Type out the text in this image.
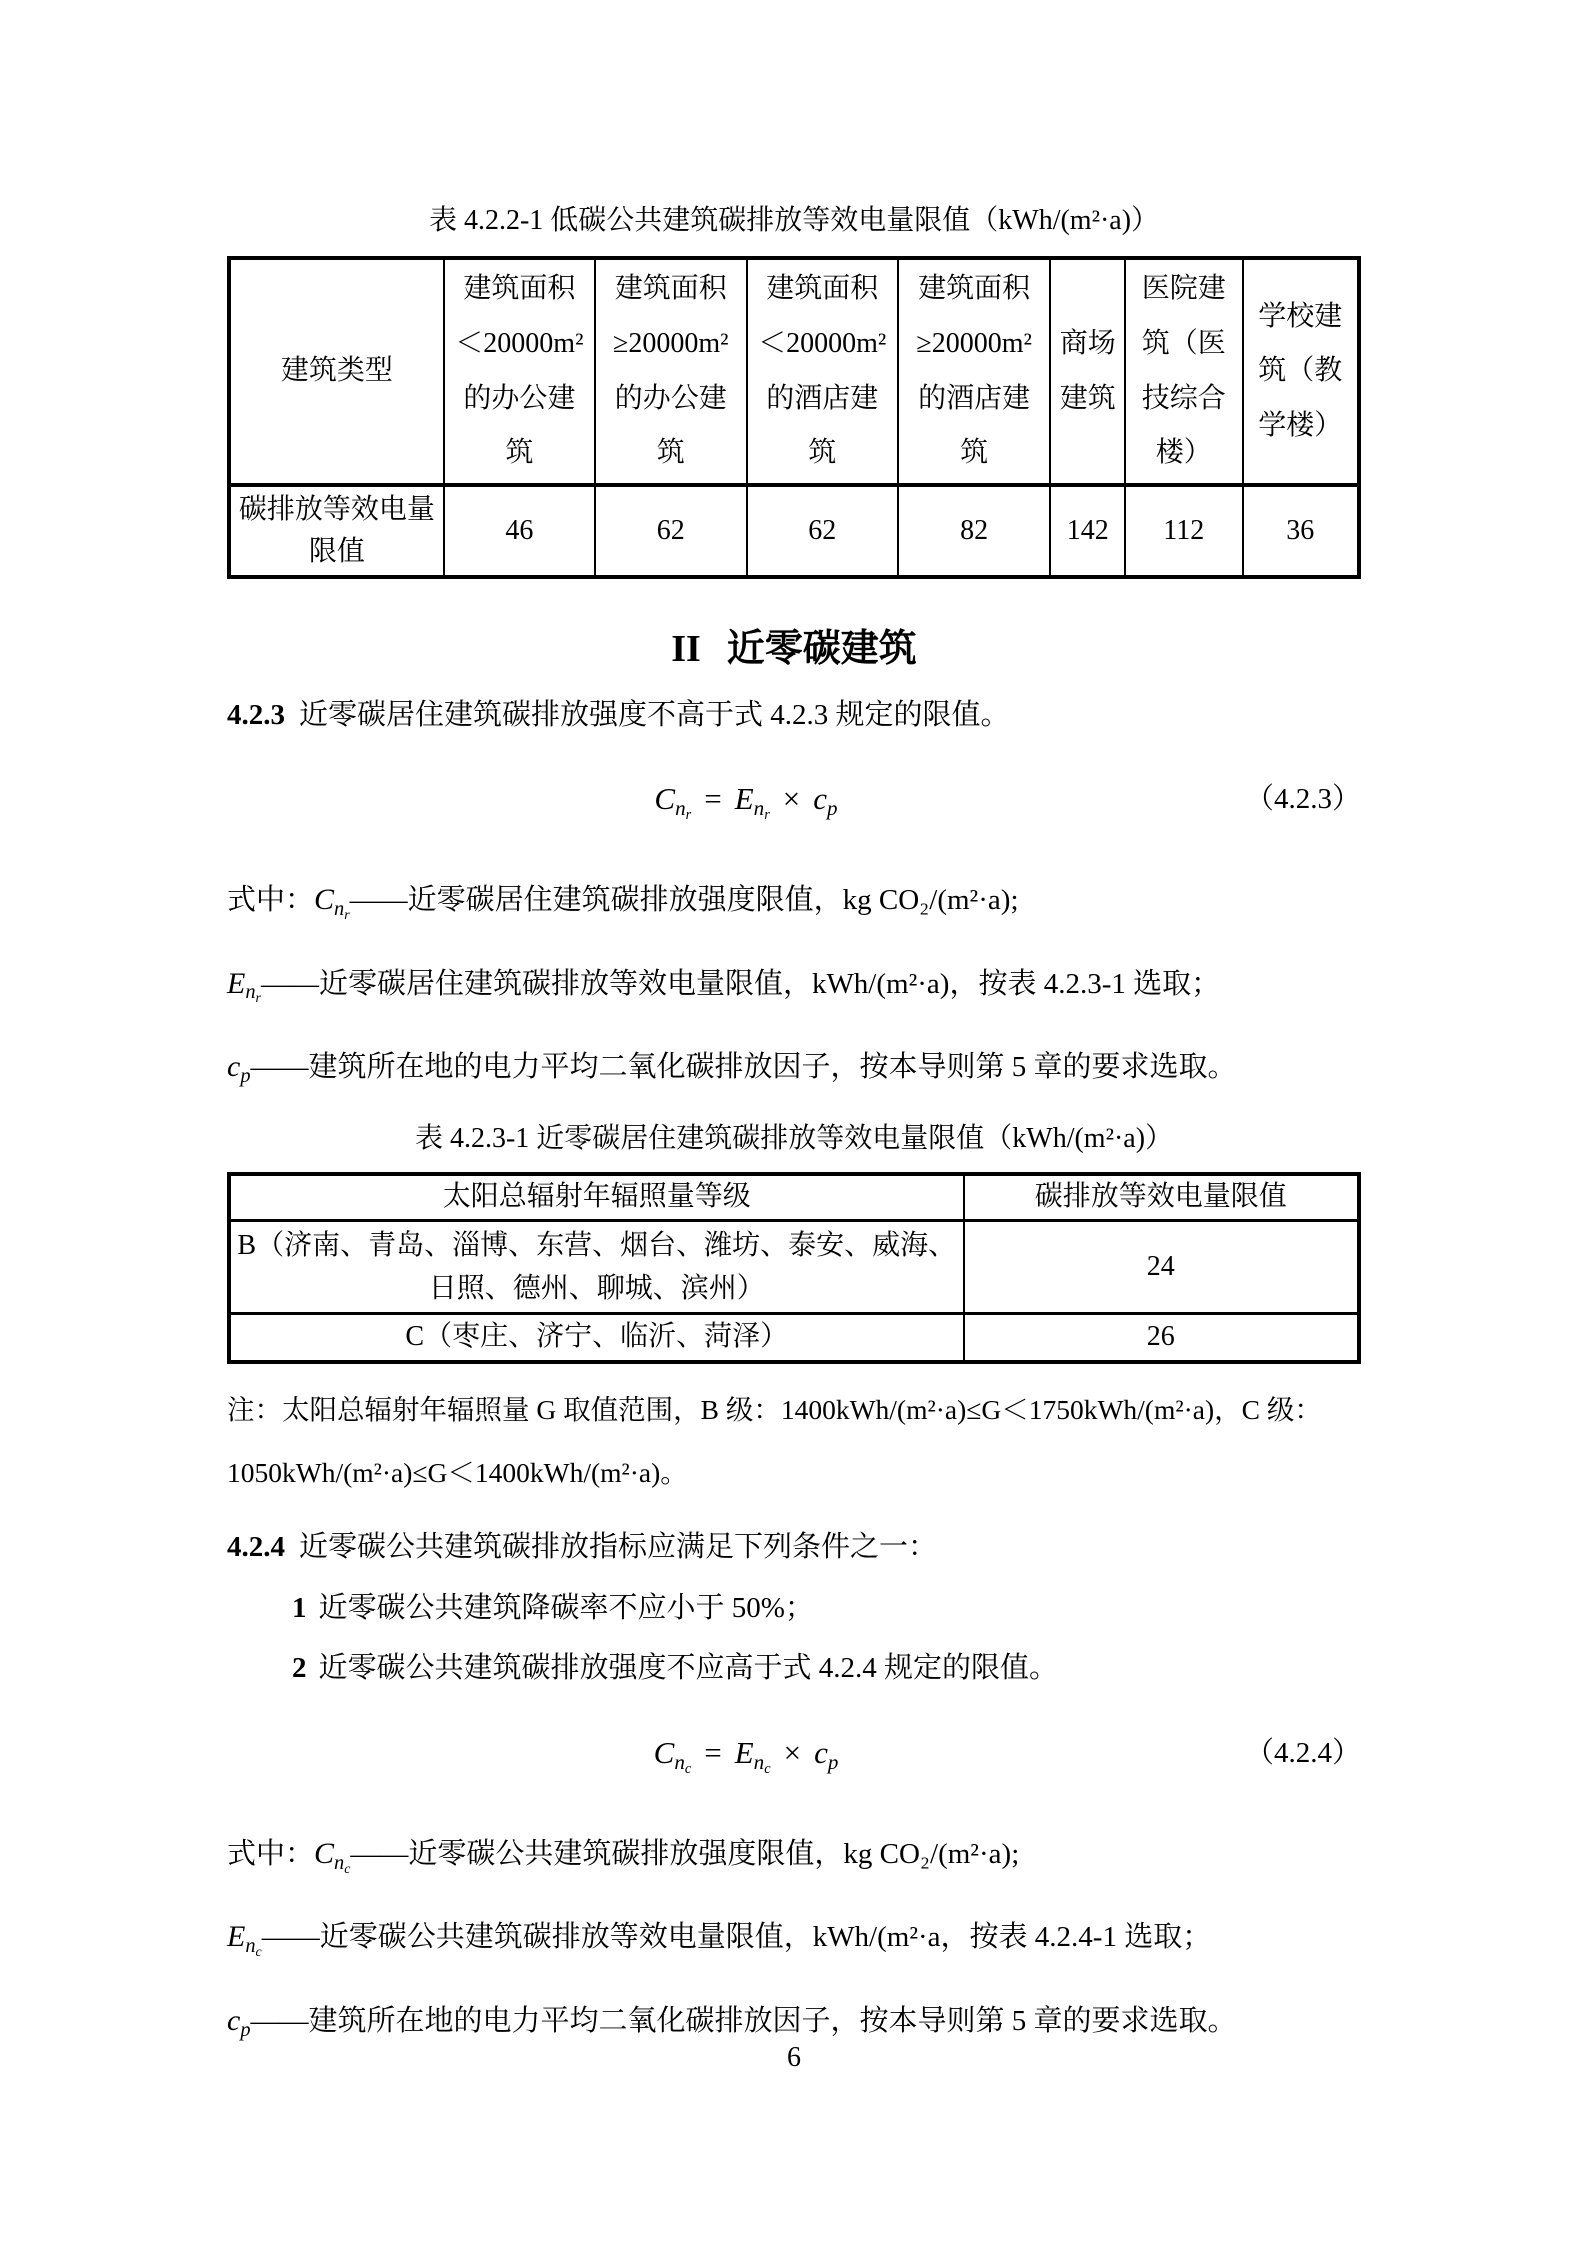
表 4.2.2-1 低碳公共建筑碳排放等效电量限值（kWh/(m²·a)）
建筑类型	建筑面积＜20000m² 的办公建筑	建筑面积≥20000m² 的办公建筑	建筑面积＜20000m² 的酒店建筑	建筑面积≥20000m² 的酒店建筑	商场建筑	医院建筑（医技综合楼）	学校建筑（教学楼）
碳排放等效电量限值	46	62	62	82	142	112	36
II 近零碳建筑

4.2.3 近零碳居住建筑碳排放强度不高于式 4.2.3 规定的限值。

$C_{n_r} = E_{n_r} \times c_p$	（4.2.3）

式中：$C_{n_r}——$近零碳居住建筑碳排放强度限值，kg CO₂/(m²·a);

$E_{n_r}——$近零碳居住建筑碳排放等效电量限值，kWh/(m²·a)，按表 4.2.3-1 选取；

$c_p——$建筑所在地的电力平均二氧化碳排放因子，按本导则第 5 章的要求选取。

表 4.2.3-1 近零碳居住建筑碳排放等效电量限值（kWh/(m²·a)）
太阳总辐射年辐照量等级	碳排放等效电量限值
B（济南、青岛、淄博、东营、烟台、潍坊、泰安、威海、日照、德州、聊城、滨州）	24
C（枣庄、济宁、临沂、菏泽）	26

注：太阳总辐射年辐照量 G 取值范围，B 级：1400kWh/(m²·a)≤G＜1750kWh/(m²·a)，C 级：1050kWh/(m²·a)≤G＜1400kWh/(m²·a)。

4.2.4 近零碳公共建筑碳排放指标应满足下列条件之一：

1 近零碳公共建筑降碳率不应小于 50%；

2 近零碳公共建筑碳排放强度不应高于式 4.2.4 规定的限值。

$C_{n_c} = E_{n_c} \times c_p$	（4.2.4）

式中：$C_{n_c}——$近零碳公共建筑碳排放强度限值，kg CO₂/(m²·a);

$E_{n_c}——$近零碳公共建筑碳排放等效电量限值，kWh/(m²·a，按表 4.2.4-1 选取；

$c_p——$建筑所在地的电力平均二氧化碳排放因子，按本导则第 5 章的要求选取。

6
